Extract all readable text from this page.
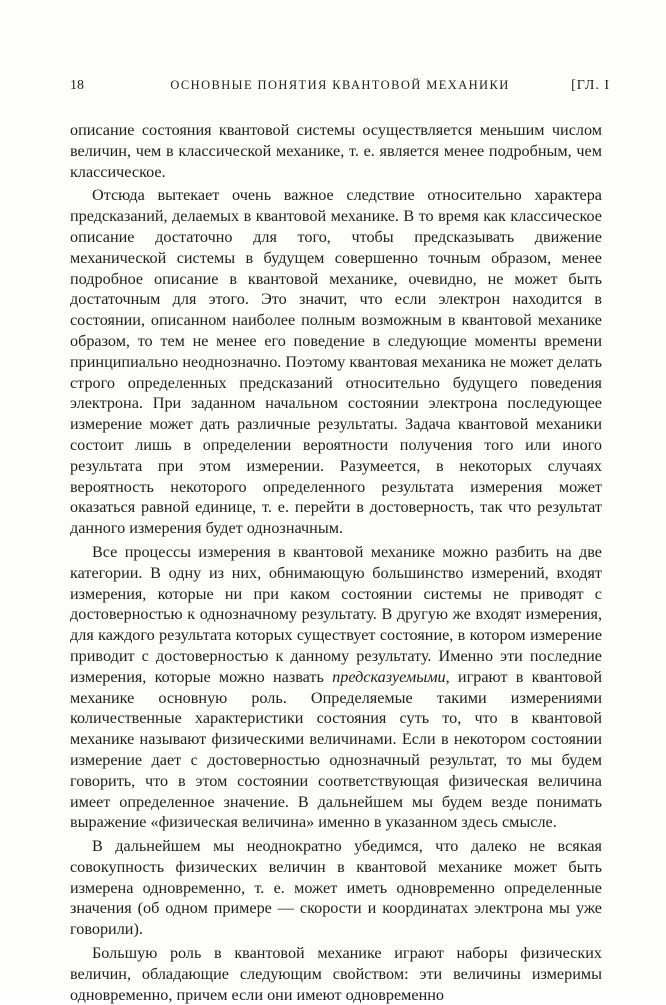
18	ОСНОВНЫЕ ПОНЯТИЯ КВАНТОВОЙ МЕХАНИКИ	[ГЛ. I

описание состояния квантовой системы осуществляется меньшим числом величин, чем в классической механике, т. е. является менее подробным, чем классическое.

Отсюда вытекает очень важное следствие относительно характера предсказаний, делаемых в квантовой механике. В то время как классическое описание достаточно для того, чтобы предсказывать движение механической системы в будущем совершенно точным образом, менее подробное описание в квантовой механике, очевидно, не может быть достаточным для этого. Это значит, что если электрон находится в состоянии, описанном наиболее полным возможным в квантовой механике образом, то тем не менее его поведение в следующие моменты времени принципиально неоднозначно. Поэтому квантовая механика не может делать строго определенных предсказаний относительно будущего поведения электрона. При заданном начальном состоянии электрона последующее измерение может дать различные результаты. Задача квантовой механики состоит лишь в определении вероятности получения того или иного результата при этом измерении. Разумеется, в некоторых случаях вероятность некоторого определенного результата измерения может оказаться равной единице, т. е. перейти в достоверность, так что результат данного измерения будет однозначным.

Все процессы измерения в квантовой механике можно разбить на две категории. В одну из них, обнимающую большинство измерений, входят измерения, которые ни при каком состоянии системы не приводят с достоверностью к однозначному результату. В другую же входят измерения, для каждого результата которых существует состояние, в котором измерение приводит с достоверностью к данному результату. Именно эти последние измерения, которые можно назвать предсказуемыми, играют в квантовой механике основную роль. Определяемые такими измерениями количественные характеристики состояния суть то, что в квантовой механике называют физическими величинами. Если в некотором состоянии измерение дает с достоверностью однозначный результат, то мы будем говорить, что в этом состоянии соответствующая физическая величина имеет определенное значение. В дальнейшем мы будем везде понимать выражение «физическая величина» именно в указанном здесь смысле.

В дальнейшем мы неоднократно убедимся, что далеко не всякая совокупность физических величин в квантовой механике может быть измерена одновременно, т. е. может иметь одновременно определенные значения (об одном примере — скорости и координатах электрона мы уже говорили).

Большую роль в квантовой механике играют наборы физических величин, обладающие следующим свойством: эти величины измеримы одновременно, причем если они имеют одновременно
